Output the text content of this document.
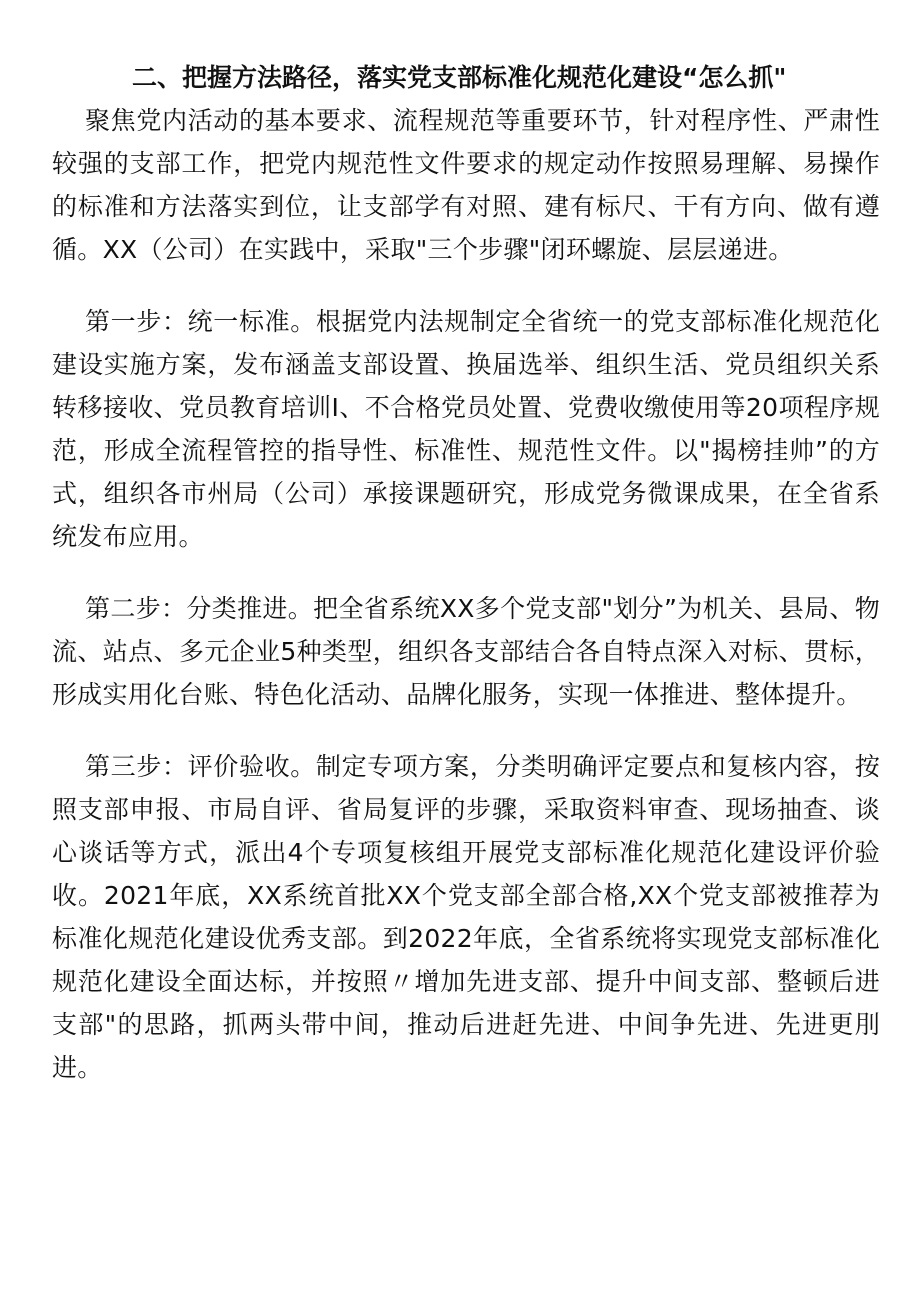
二、把握方法路径，落实党支部标准化规范化建设“怎么抓"

聚焦党内活动的基本要求、流程规范等重要环节，针对程序性、严肃性较强的支部工作，把党内规范性文件要求的规定动作按照易理解、易操作的标准和方法落实到位，让支部学有对照、建有标尺、干有方向、做有遵循。XX（公司）在实践中，采取"三个步骤"闭环螺旋、层层递进。

第一步：统一标准。根据党内法规制定全省统一的党支部标准化规范化建设实施方案，发布涵盖支部设置、换届选举、组织生活、党员组织关系转移接收、党员教育培训I、不合格党员处置、党费收缴使用等20项程序规范，形成全流程管控的指导性、标准性、规范性文件。以"揭榜挂帅”的方式，组织各市州局（公司）承接课题研究，形成党务微课成果，在全省系统发布应用。

第二步：分类推进。把全省系统XX多个党支部"划分”为机关、县局、物流、站点、多元企业5种类型，组织各支部结合各自特点深入对标、贯标，形成实用化台账、特色化活动、品牌化服务，实现一体推进、整体提升。

第三步：评价验收。制定专项方案，分类明确评定要点和复核内容，按照支部申报、市局自评、省局复评的步骤，采取资料审查、现场抽查、谈心谈话等方式，派出4个专项复核组开展党支部标准化规范化建设评价验收。2021年底，XX系统首批XX个党支部全部合格,XX个党支部被推荐为标准化规范化建设优秀支部。到2022年底，全省系统将实现党支部标准化规范化建设全面达标，并按照〃增加先进支部、提升中间支部、整顿后进支部"的思路，抓两头带中间，推动后进赶先进、中间争先进、先进更刖进。
